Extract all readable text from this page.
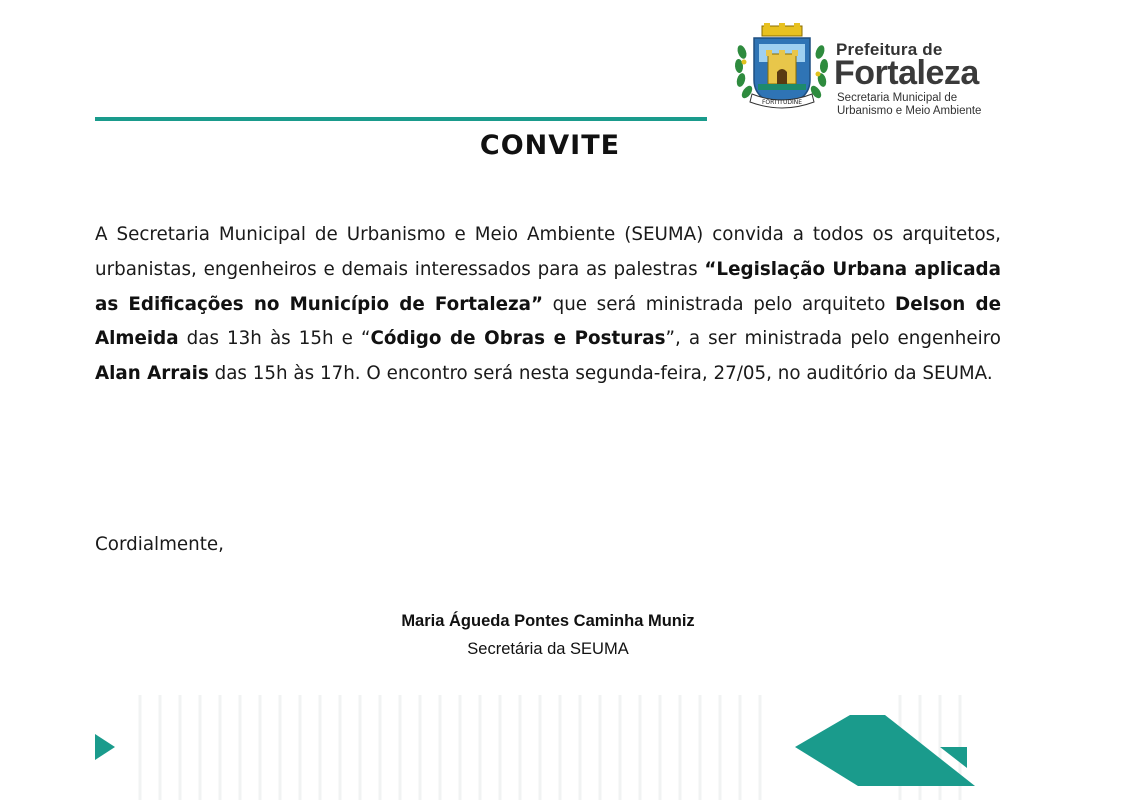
FORTITUDINE
Prefeitura de
Fortaleza
Secretaria Municipal de
Urbanismo e Meio Ambiente
CONVITE
A Secretaria Municipal de Urbanismo e Meio Ambiente (SEUMA) convida a todos os arquitetos, urbanistas, engenheiros e demais interessados para as palestras “Legislação Urbana aplicada as Edificações no Município de Fortaleza” que será ministrada pelo arquiteto Delson de Almeida das 13h às 15h e “Código de Obras e Posturas”, a ser ministrada pelo engenheiro Alan Arrais das 15h às 17h. O encontro será nesta segunda-feira, 27/05, no auditório da SEUMA.
Cordialmente,
Maria Águeda Pontes Caminha Muniz
Secretária da SEUMA
